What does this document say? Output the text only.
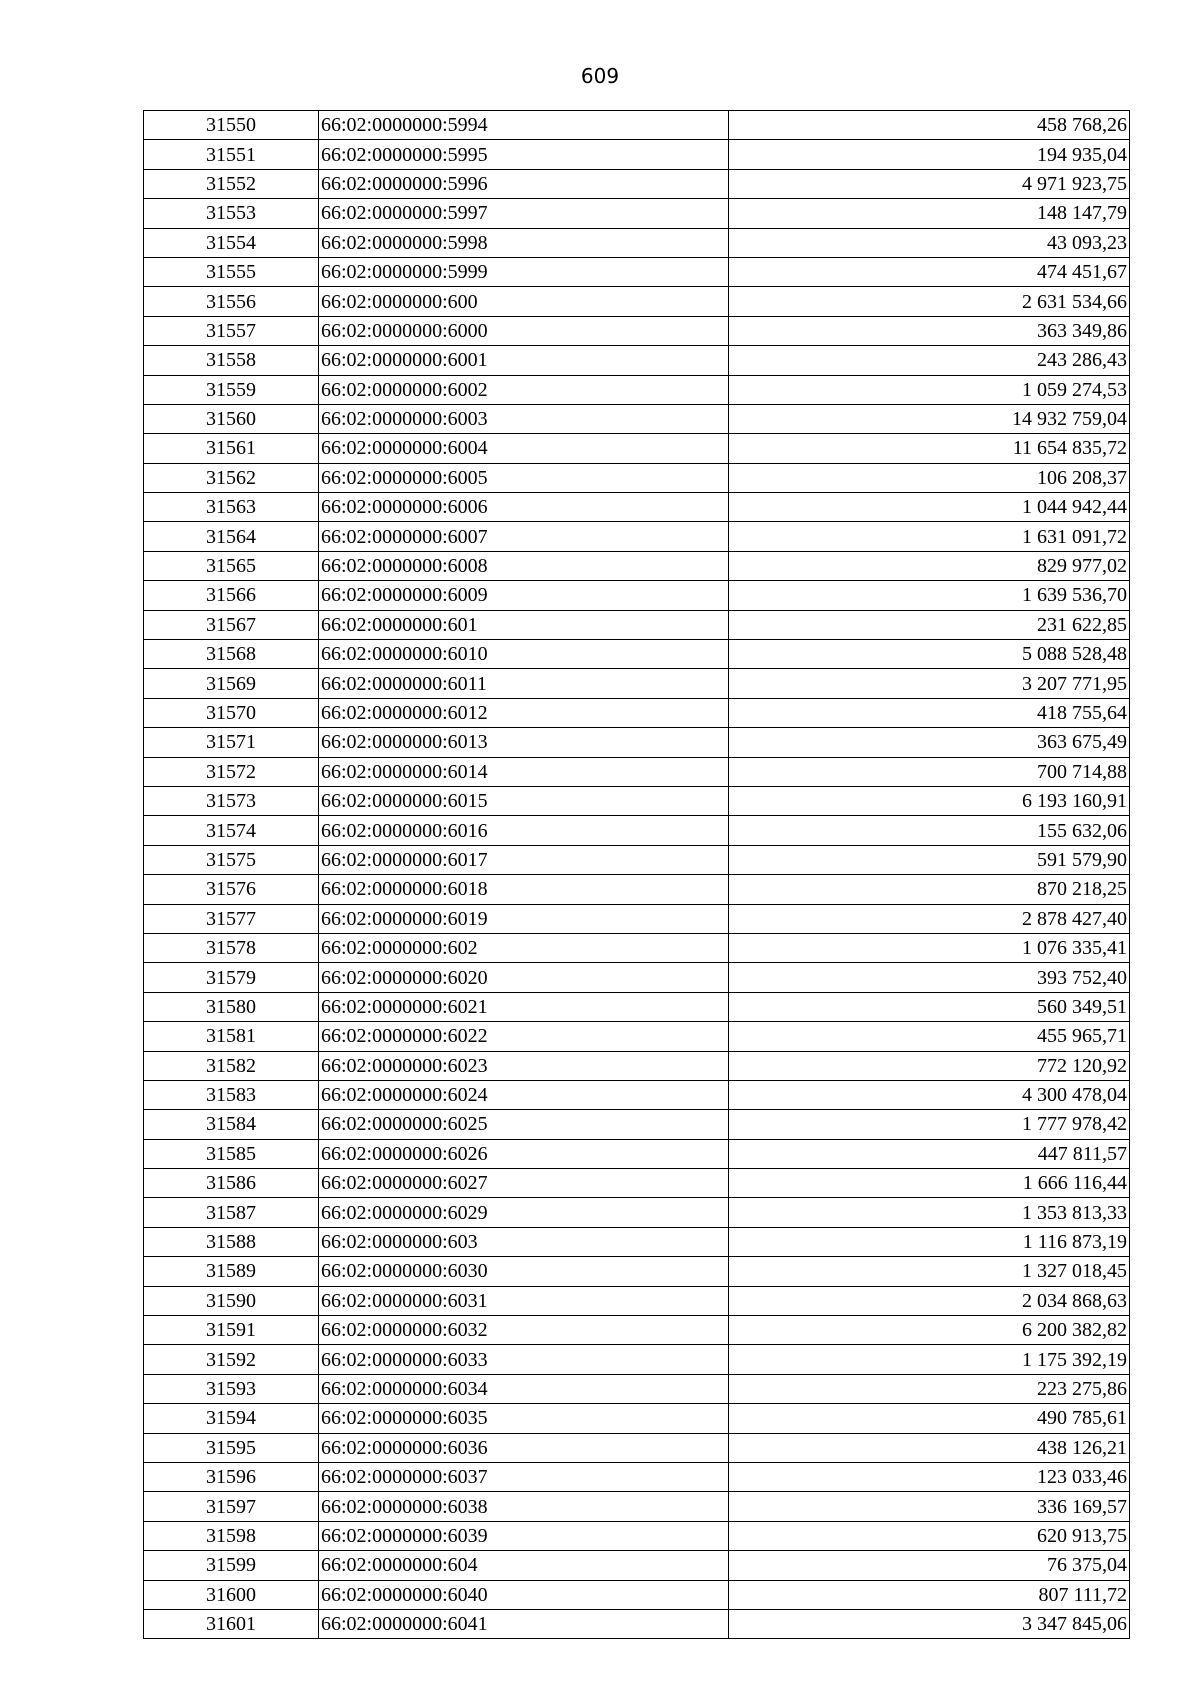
609
31550	66:02:0000000:5994	458 768,26
31551	66:02:0000000:5995	194 935,04
31552	66:02:0000000:5996	4 971 923,75
31553	66:02:0000000:5997	148 147,79
31554	66:02:0000000:5998	43 093,23
31555	66:02:0000000:5999	474 451,67
31556	66:02:0000000:600	2 631 534,66
31557	66:02:0000000:6000	363 349,86
31558	66:02:0000000:6001	243 286,43
31559	66:02:0000000:6002	1 059 274,53
31560	66:02:0000000:6003	14 932 759,04
31561	66:02:0000000:6004	11 654 835,72
31562	66:02:0000000:6005	106 208,37
31563	66:02:0000000:6006	1 044 942,44
31564	66:02:0000000:6007	1 631 091,72
31565	66:02:0000000:6008	829 977,02
31566	66:02:0000000:6009	1 639 536,70
31567	66:02:0000000:601	231 622,85
31568	66:02:0000000:6010	5 088 528,48
31569	66:02:0000000:6011	3 207 771,95
31570	66:02:0000000:6012	418 755,64
31571	66:02:0000000:6013	363 675,49
31572	66:02:0000000:6014	700 714,88
31573	66:02:0000000:6015	6 193 160,91
31574	66:02:0000000:6016	155 632,06
31575	66:02:0000000:6017	591 579,90
31576	66:02:0000000:6018	870 218,25
31577	66:02:0000000:6019	2 878 427,40
31578	66:02:0000000:602	1 076 335,41
31579	66:02:0000000:6020	393 752,40
31580	66:02:0000000:6021	560 349,51
31581	66:02:0000000:6022	455 965,71
31582	66:02:0000000:6023	772 120,92
31583	66:02:0000000:6024	4 300 478,04
31584	66:02:0000000:6025	1 777 978,42
31585	66:02:0000000:6026	447 811,57
31586	66:02:0000000:6027	1 666 116,44
31587	66:02:0000000:6029	1 353 813,33
31588	66:02:0000000:603	1 116 873,19
31589	66:02:0000000:6030	1 327 018,45
31590	66:02:0000000:6031	2 034 868,63
31591	66:02:0000000:6032	6 200 382,82
31592	66:02:0000000:6033	1 175 392,19
31593	66:02:0000000:6034	223 275,86
31594	66:02:0000000:6035	490 785,61
31595	66:02:0000000:6036	438 126,21
31596	66:02:0000000:6037	123 033,46
31597	66:02:0000000:6038	336 169,57
31598	66:02:0000000:6039	620 913,75
31599	66:02:0000000:604	76 375,04
31600	66:02:0000000:6040	807 111,72
31601	66:02:0000000:6041	3 347 845,06
